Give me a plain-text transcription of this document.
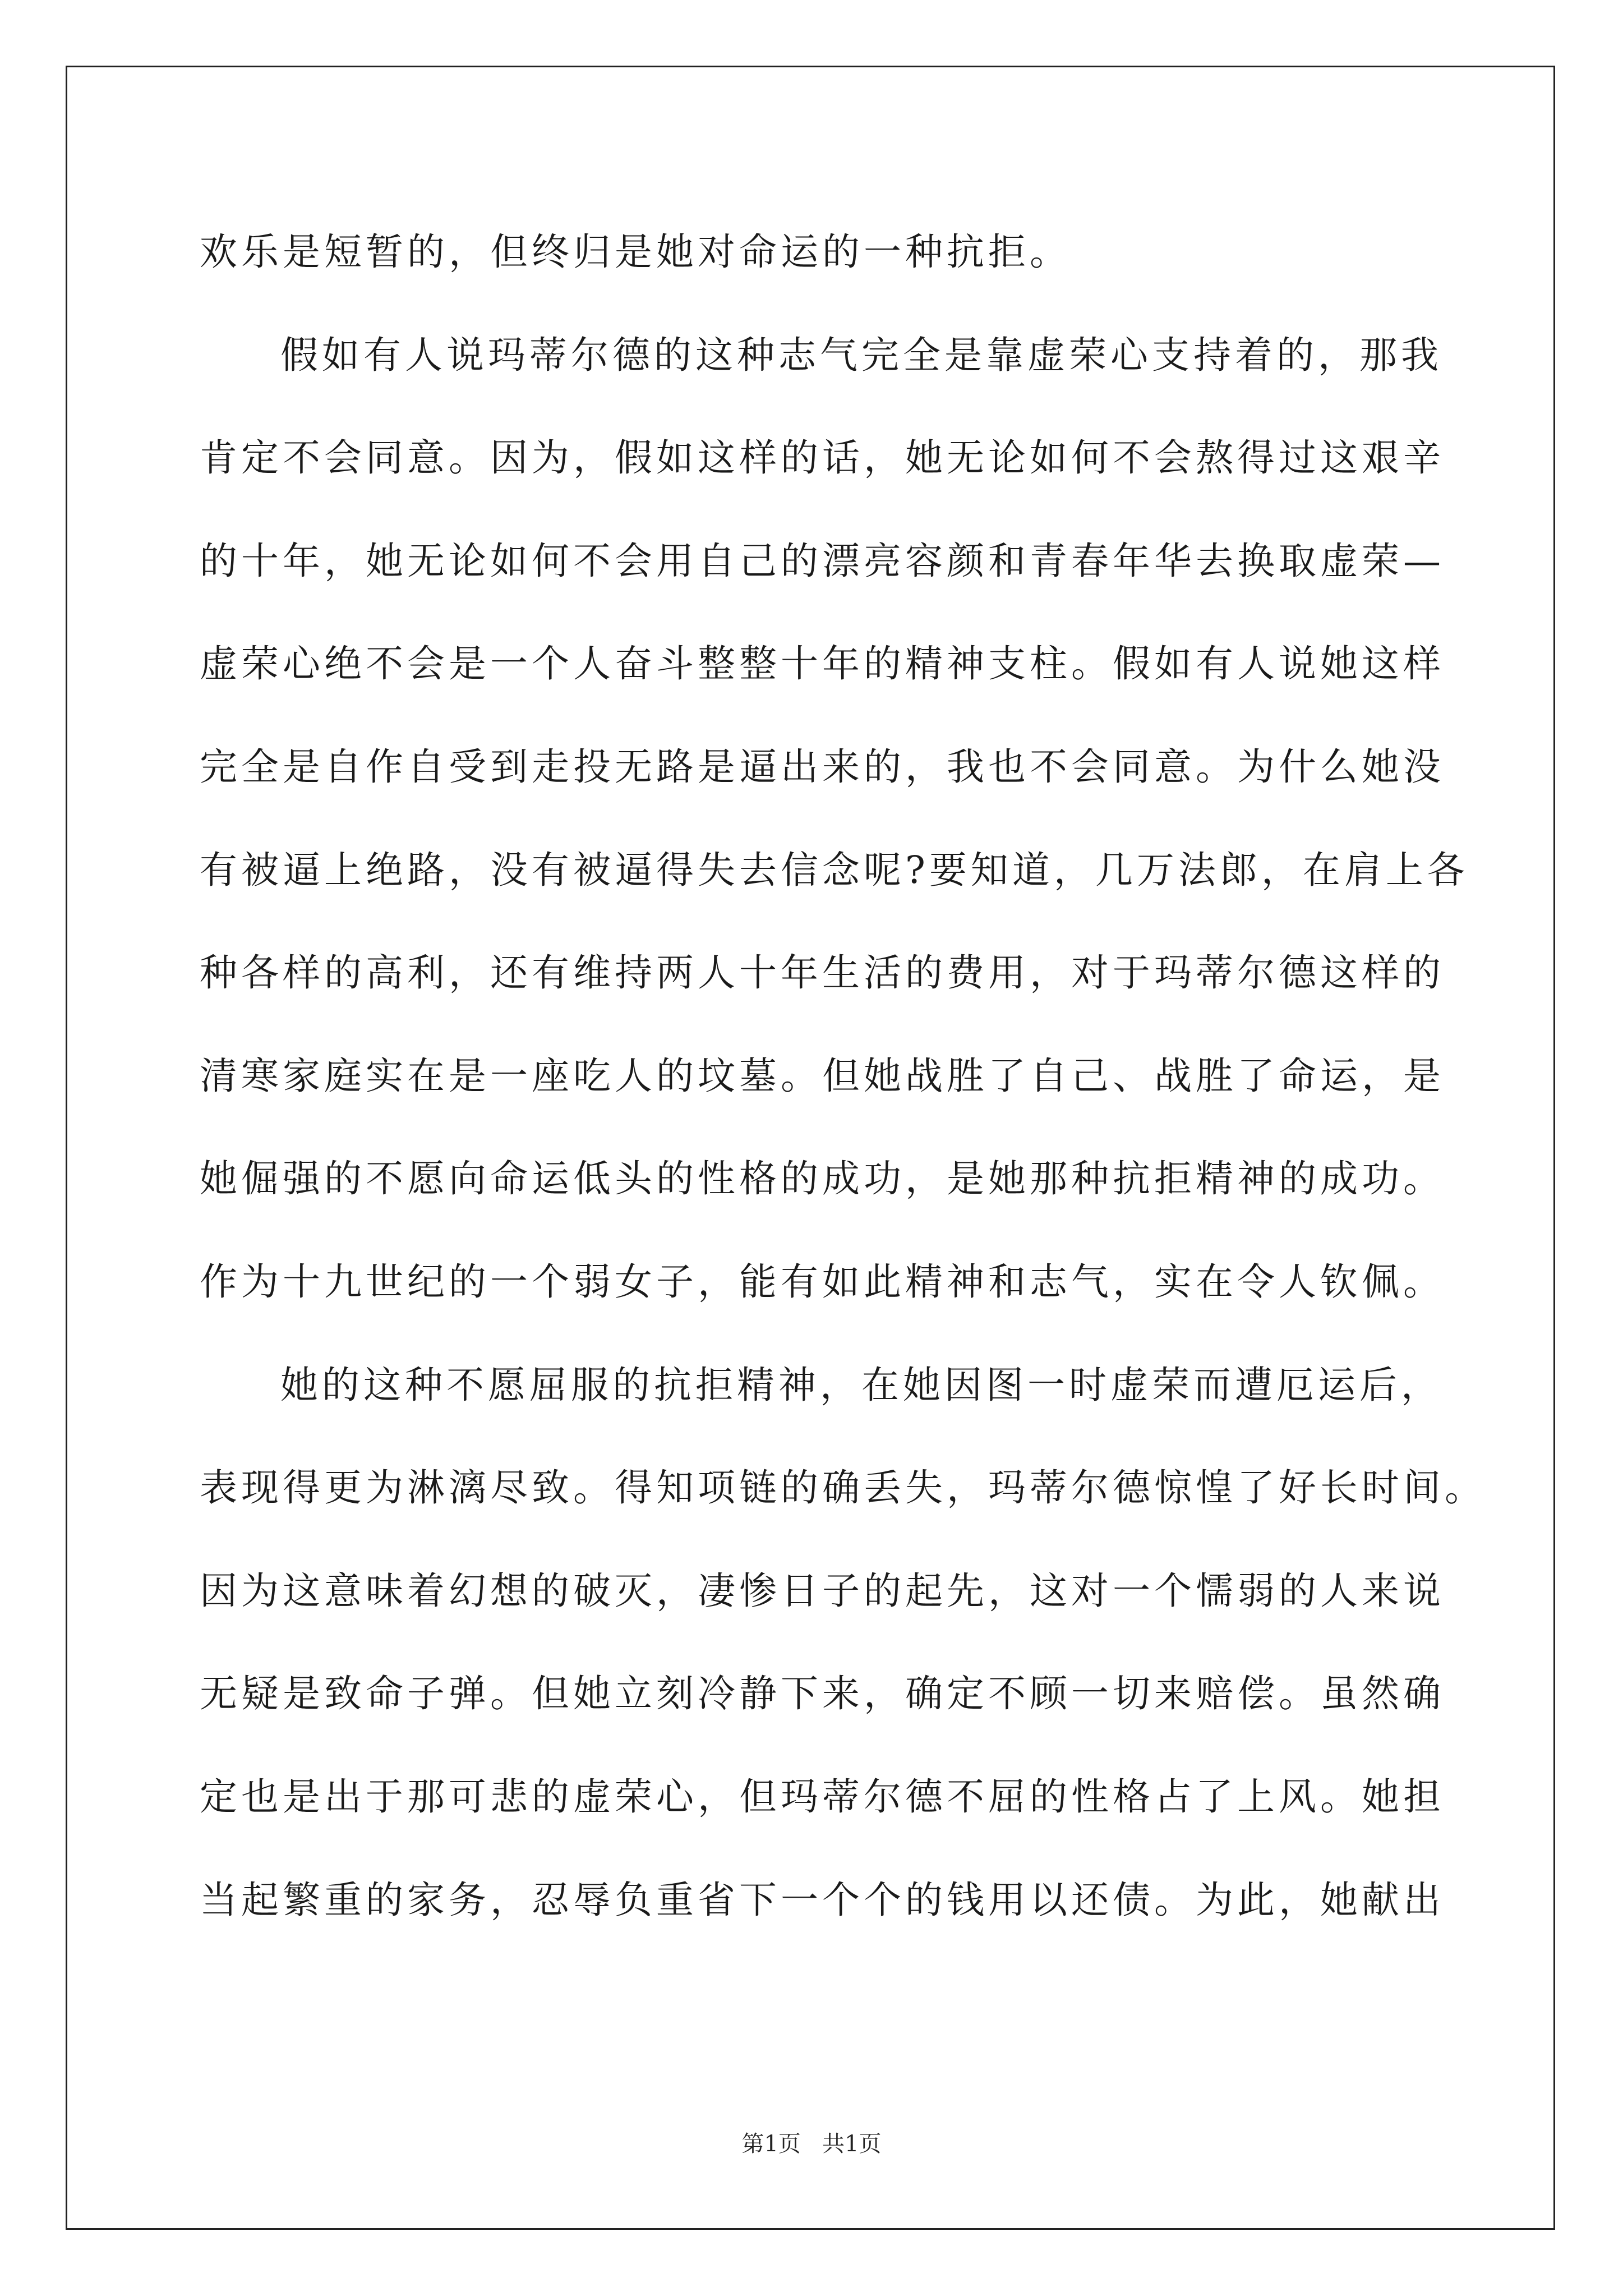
欢乐是短暂的，但终归是她对命运的一种抗拒。
假如有人说玛蒂尔德的这种志气完全是靠虚荣心支持着的，那我
肯定不会同意。因为，假如这样的话，她无论如何不会熬得过这艰辛
的十年，她无论如何不会用自己的漂亮容颜和青春年华去换取虚荣—
虚荣心绝不会是一个人奋斗整整十年的精神支柱。假如有人说她这样
完全是自作自受到走投无路是逼出来的，我也不会同意。为什么她没
有被逼上绝路，没有被逼得失去信念呢?要知道，几万法郎，在肩上各
种各样的高利，还有维持两人十年生活的费用，对于玛蒂尔德这样的
清寒家庭实在是一座吃人的坟墓。但她战胜了自己、战胜了命运，是
她倔强的不愿向命运低头的性格的成功，是她那种抗拒精神的成功。
作为十九世纪的一个弱女子，能有如此精神和志气，实在令人钦佩。
她的这种不愿屈服的抗拒精神，在她因图一时虚荣而遭厄运后，
表现得更为淋漓尽致。得知项链的确丢失，玛蒂尔德惊惶了好长时间。
因为这意味着幻想的破灭，凄惨日子的起先，这对一个懦弱的人来说
无疑是致命子弹。但她立刻冷静下来，确定不顾一切来赔偿。虽然确
定也是出于那可悲的虚荣心，但玛蒂尔德不屈的性格占了上风。她担
当起繁重的家务，忍辱负重省下一个个的钱用以还债。为此，她献出
第1页   共1页
